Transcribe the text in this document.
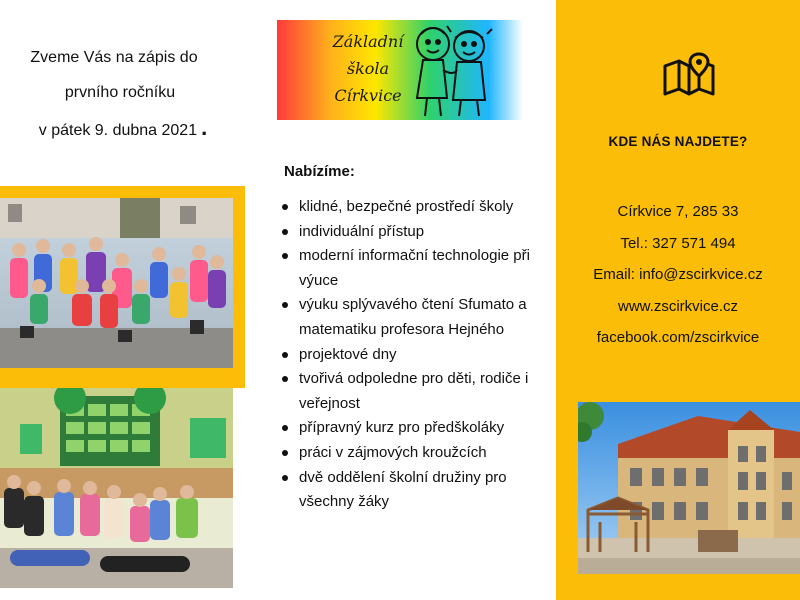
Zveme Vás na zápis do
prvního ročníku
v pátek 9. dubna 2021 .
Základní
škola
Církvice
Nabízíme:
klidné, bezpečné prostředí školy
individuální přístup
moderní informační technologie při výuce
výuku splývavého čtení Sfumato a matematiku profesora Hejného
projektové dny
tvořivá odpoledne pro děti, rodiče i veřejnost
přípravný kurz pro předškoláky
práci v zájmových kroužcích
dvě oddělení školní družiny pro všechny žáky
KDE NÁS NAJDETE?
Církvice 7, 285 33
Tel.: 327 571 494
Email: info@zscirkvice.cz
www.zscirkvice.cz
facebook.com/zscirkvice
